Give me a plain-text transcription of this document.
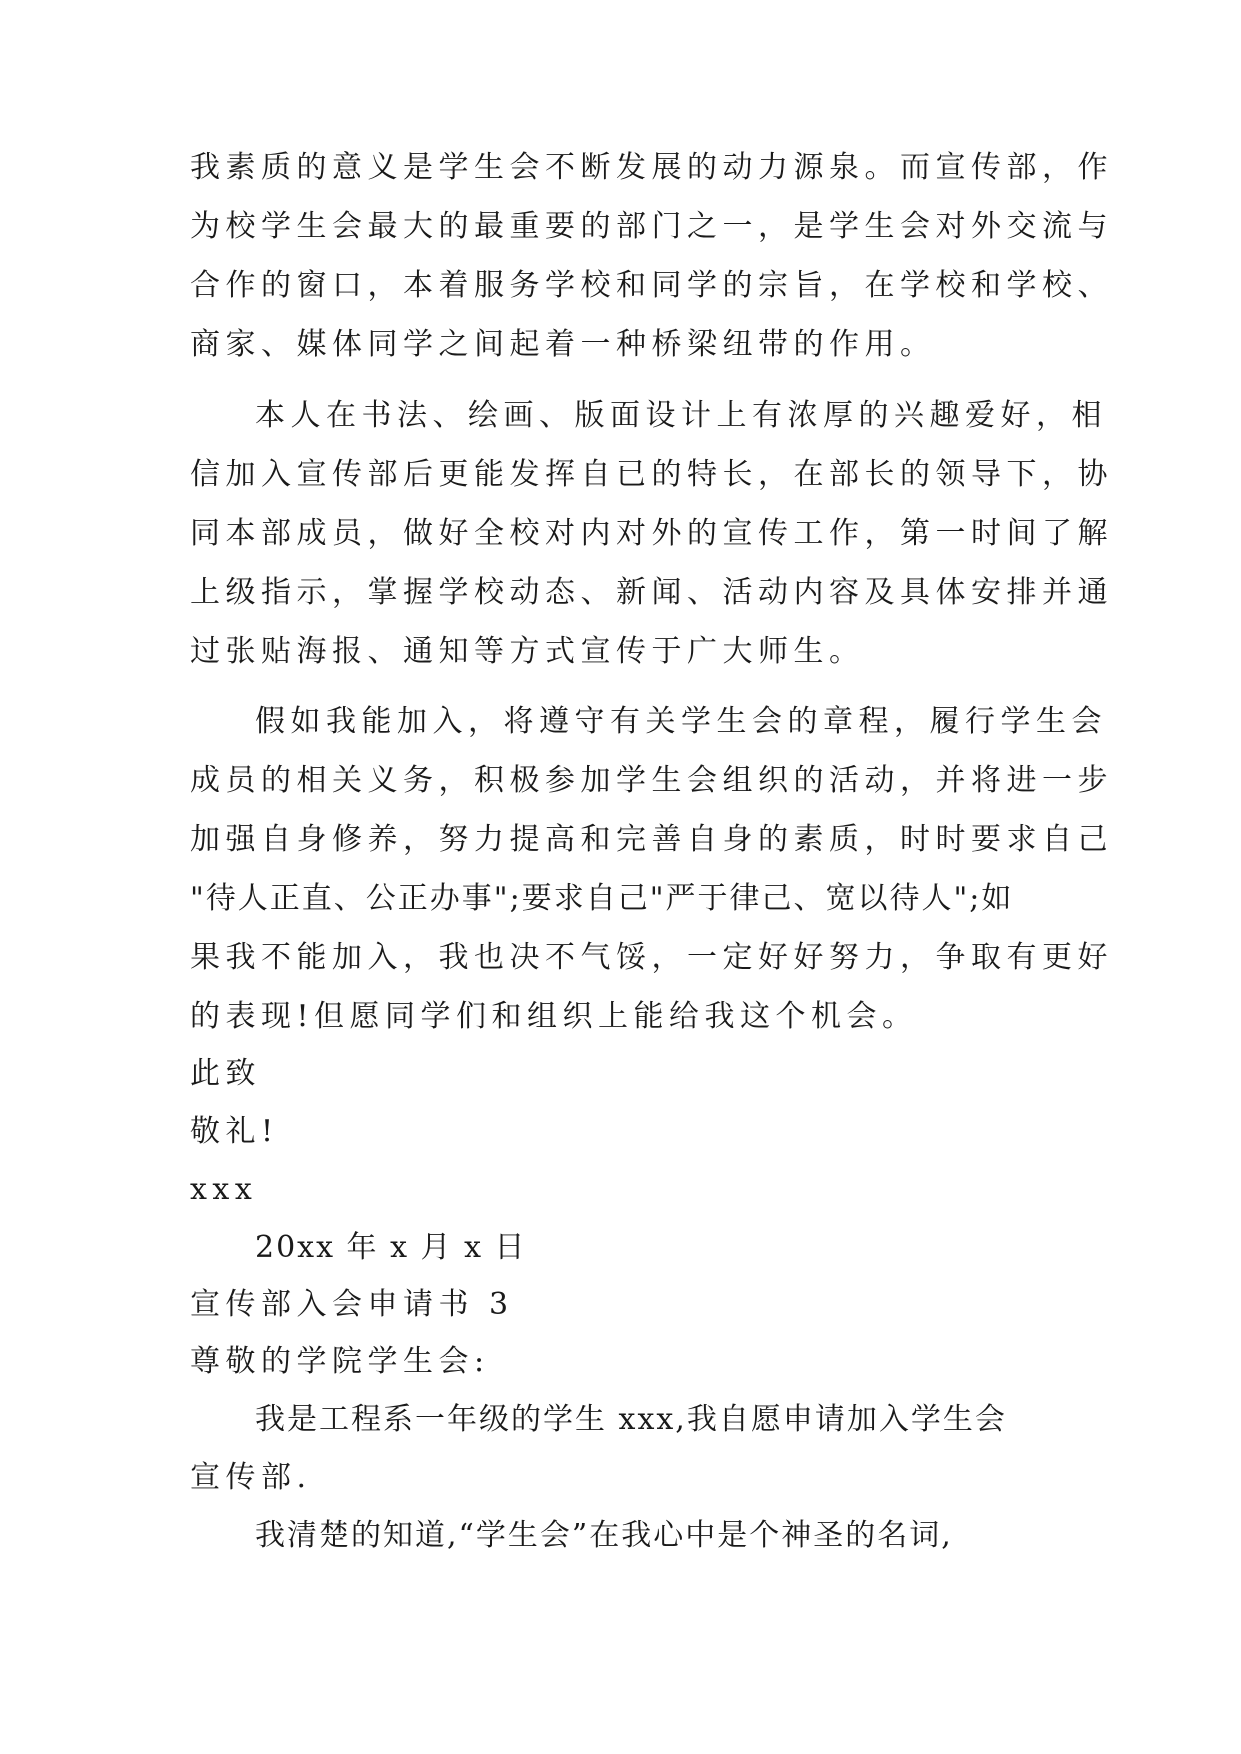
我素质的意义是学生会不断发展的动力源泉。而宣传部，作
为校学生会最大的最重要的部门之一，是学生会对外交流与
合作的窗口，本着服务学校和同学的宗旨，在学校和学校、
商家、媒体同学之间起着一种桥梁纽带的作用。
本人在书法、绘画、版面设计上有浓厚的兴趣爱好，相
信加入宣传部后更能发挥自已的特长，在部长的领导下，协
同本部成员，做好全校对内对外的宣传工作，第一时间了解
上级指示，掌握学校动态、新闻、活动内容及具体安排并通
过张贴海报、通知等方式宣传于广大师生。
假如我能加入，将遵守有关学生会的章程，履行学生会
成员的相关义务，积极参加学生会组织的活动，并将进一步
加强自身修养，努力提高和完善自身的素质，时时要求自己
"待人正直、公正办事";要求自己"严于律己、宽以待人";如
果我不能加入，我也决不气馁，一定好好努力，争取有更好
的表现!但愿同学们和组织上能给我这个机会。
此致
敬礼!
xxx
20xx 年 x 月 x 日
宣传部入会申请书 3
尊敬的学院学生会:
我是工程系一年级的学生 xxx,我自愿申请加入学生会
宣传部.
我清楚的知道,“学生会”在我心中是个神圣的名词,
